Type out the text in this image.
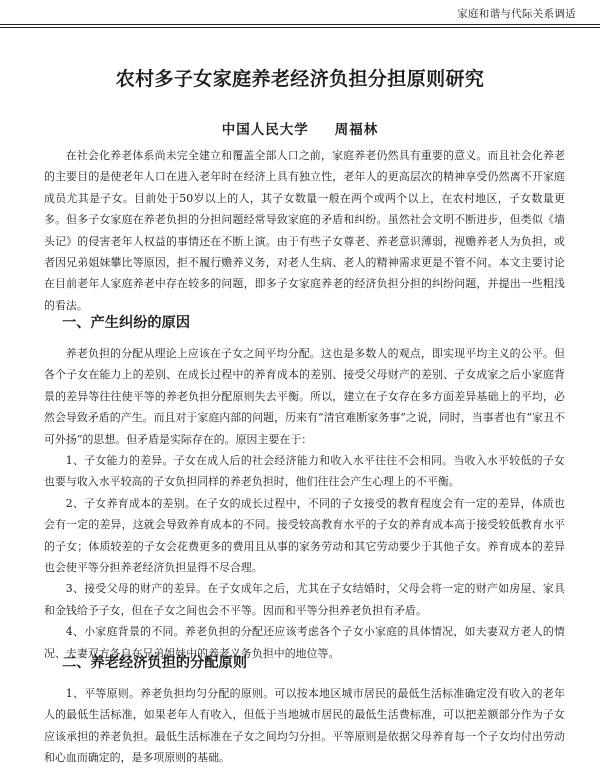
家庭和谐与代际关系调适
农村多子女家庭养老经济负担分担原则研究
中国人民大学 周福林

在社会化养老体系尚未完全建立和覆盖全部人口之前，家庭养老仍然具有重要的意义。而且社会化养老的主要目的是使老年人口在进入老年时在经济上具有独立性，老年人的更高层次的精神享受仍然离不开家庭成员尤其是子女。目前处于50岁以上的人，其子女数量一般在两个或两个以上，在农村地区，子女数量更多。但多子女家庭在养老负担的分担问题经常导致家庭的矛盾和纠纷。虽然社会文明不断进步，但类似《墙头记》的侵害老年人权益的事情还在不断上演。由于有些子女尊老、养老意识薄弱，视赡养老人为负担，或者因兄弟姐妹攀比等原因，拒不履行赡养义务，对老人生病、老人的精神需求更是不管不问。本文主要讨论在目前老年人家庭养老中存在较多的问题，即多子女家庭养老的经济负担分担的纠纷问题，并提出一些粗浅的看法。

一、产生纠纷的原因

养老负担的分配从理论上应该在子女之间平均分配。这也是多数人的观点，即实现平均主义的公平。但各个子女在能力上的差别、在成长过程中的养育成本的差别、接受父母财产的差别、子女成家之后小家庭背景的差异等往往使平等的养老负担分配原则失去平衡。所以，建立在子女存在多方面差异基础上的平均，必然会导致矛盾的产生。而且对于家庭内部的问题，历来有“清官难断家务事”之说，同时，当事者也有“家丑不可外扬”的思想。但矛盾是实际存在的。原因主要在于：

1、子女能力的差异。子女在成人后的社会经济能力和收入水平往往不会相同。当收入水平较低的子女也要与收入水平较高的子女负担同样的养老负担时，他们往往会产生心理上的不平衡。

2、子女养育成本的差别。在子女的成长过程中，不同的子女接受的教育程度会有一定的差异，体质也会有一定的差异，这就会导致养育成本的不同。接受较高教育水平的子女的养育成本高于接受较低教育水平的子女；体质较差的子女会花费更多的费用且从事的家务劳动和其它劳动要少于其他子女。养育成本的差异也会使平等分担养老经济负担显得不尽合理。

3、接受父母的财产的差异。在子女成年之后，尤其在子女结婚时，父母会将一定的财产如房屋、家具和金钱给予子女，但在子女之间也会不平等。因而和平等分担养老负担有矛盾。

4、小家庭背景的不同。养老负担的分配还应该考虑各个子女小家庭的具体情况，如夫妻双方老人的情况、夫妻双方各自在兄弟姐妹中的养老义务负担中的地位等。

二、养老经济负担的分配原则

1、平等原则。养老负担均匀分配的原则。可以按本地区城市居民的最低生活标准确定没有收入的老年人的最低生活标准，如果老年人有收入，但低于当地城市居民的最低生活费标准，可以把差额部分作为子女应该承担的养老负担。最低生活标准在子女之间均匀分担。平等原则是依据父母养育每一个子女均付出劳动和心血而确定的，是多项原则的基础。
